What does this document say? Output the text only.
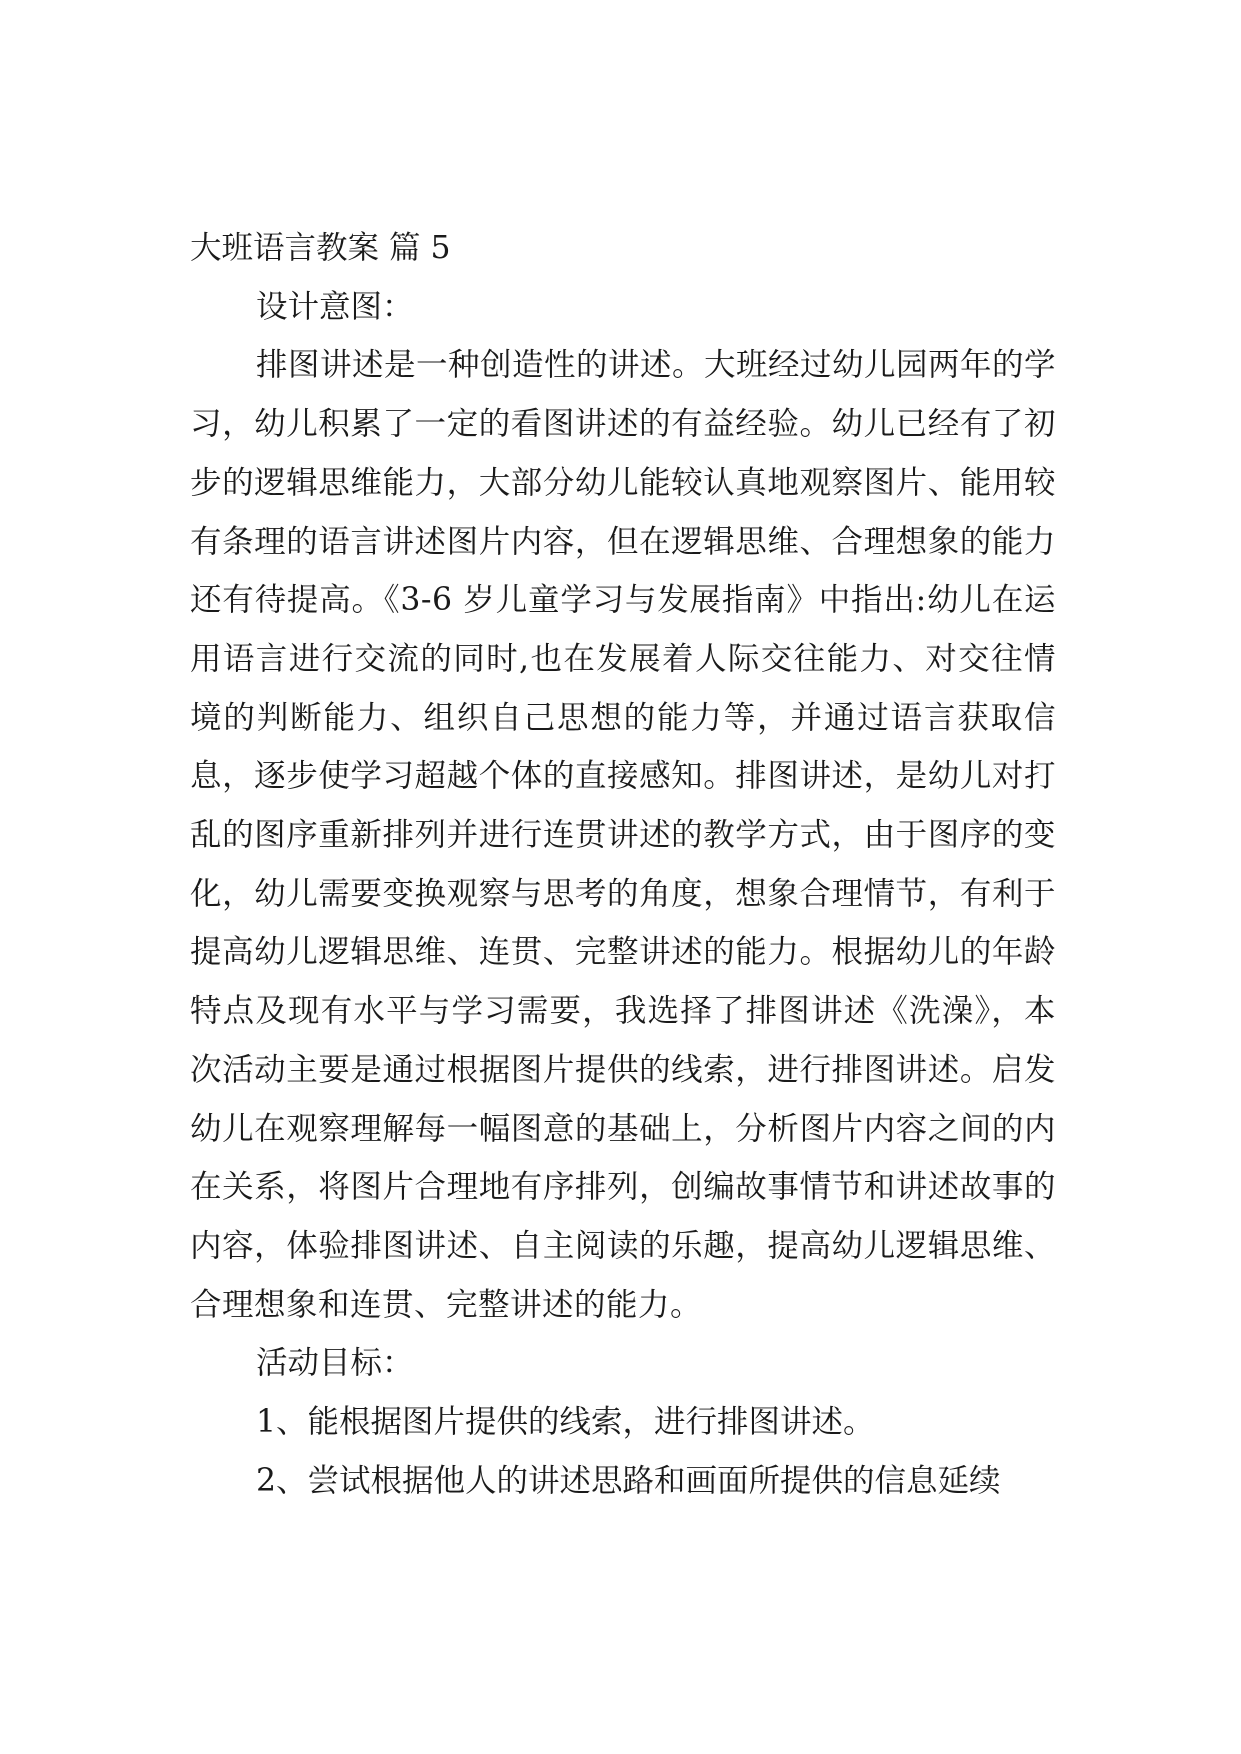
大班语言教案 篇 5

设计意图：

排图讲述是一种创造性的讲述。大班经过幼儿园两年的学习，幼儿积累了一定的看图讲述的有益经验。幼儿已经有了初步的逻辑思维能力，大部分幼儿能较认真地观察图片、能用较有条理的语言讲述图片内容，但在逻辑思维、合理想象的能力还有待提高。《3-6 岁儿童学习与发展指南》中指出:幼儿在运用语言进行交流的同时,也在发展着人际交往能力、对交往情境的判断能力、组织自己思想的能力等，并通过语言获取信息，逐步使学习超越个体的直接感知。排图讲述，是幼儿对打乱的图序重新排列并进行连贯讲述的教学方式，由于图序的变化，幼儿需要变换观察与思考的角度，想象合理情节，有利于提高幼儿逻辑思维、连贯、完整讲述的能力。根据幼儿的年龄特点及现有水平与学习需要，我选择了排图讲述《洗澡》，本次活动主要是通过根据图片提供的线索，进行排图讲述。启发幼儿在观察理解每一幅图意的基础上，分析图片内容之间的内在关系，将图片合理地有序排列，创编故事情节和讲述故事的内容，体验排图讲述、自主阅读的乐趣，提高幼儿逻辑思维、合理想象和连贯、完整讲述的能力。

活动目标：

1、能根据图片提供的线索，进行排图讲述。

2、尝试根据他人的讲述思路和画面所提供的信息延续
